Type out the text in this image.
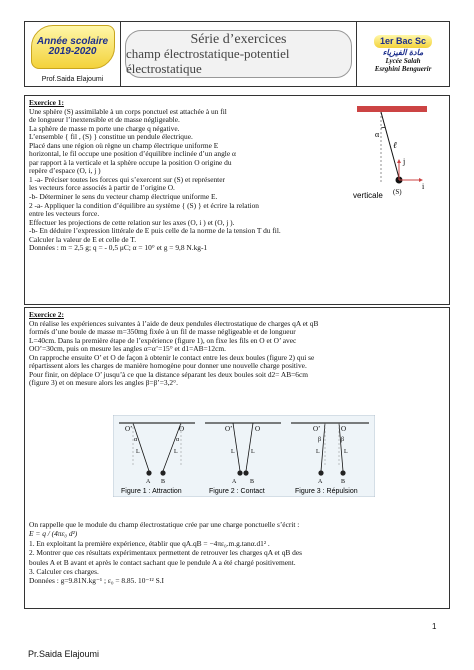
Année scolaire
2019-2020
Prof.Saida Elajoumi
Série d’exercices
champ électrostatique-potentiel électrostatique
1er Bac Sc
مادة الفيزياء
Lycée Salah
Esrghini Benguerir
Exercice 1:
Une sphère (S) assimilable à un corps ponctuel est attachée à un fil
de longueur l’inextensible et de masse négligeable.
La sphère de masse m porte une charge q négative.
L’ensemble { fil , (S) } constitue un pendule électrique.
Placé dans une région où règne un champ électrique uniforme E
horizontal, le fil occupe une position d’équilibre inclinée d’un angle α
par rapport à la verticale et la sphère occupe la position O origine du
repère d’espace (O, i, j )
1 -a- Préciser toutes les forces qui s’exercent sur (S) et représenter
les vecteurs force associés à partir de l’origine O.
-b- Déterminer le sens du vecteur champ électrique uniforme E.
2 -a- Appliquer la condition d’équilibre au système { (S) } et écrire la relation
entre les vecteurs force.
Effectuer les projections de cette relation sur les axes (O, i ) et (O, j ).
-b- En déduire l’expression littérale de E puis celle de la norme de la tension T du fil.
Calculer la valeur de E et celle de T.
Données : m = 2,5 g; q = - 0,5 μC; α = 10° et g = 9,8 N.kg-1
α
ℓ
i
j
(S)
verticale
Exercice 2:
On réalise les expériences suivantes à l’aide de deux pendules électrostatique de charges qA et qB
formés d’une boule de masse m=350mg fixée à un fil de masse négligeable et de longueur
L=40cm. Dans la première étape de l’expérience (figure 1), on fixe les fils en O et O’ avec
OO’=30cm, puis on mesure les angles α=α’=15° et d1=AB=12cm.
On rapproche ensuite O’ et O de façon à obtenir le contact entre les deux boules (figure 2) qui se
répartissent alors les charges de manière homogène pour donner une nouvelle charge positive.
Pour finir, on déplace O’ jusqu’à ce que la distance séparant les deux boules soit d2= AB=6cm
(figure 3) et on mesure alors les angles β=β’=3,2°.
O’	O
L	L
α	α
A B
Figure 1 : Attraction
O’	O
L	L
A B
Figure 2 : Contact
O’	O
L	L
β	β
A	B
Figure 3 : Répulsion
On rappelle que le module du champ électrostatique crée par une charge ponctuelle s’écrit :
E = q / (4πε₀ d²)
1. En exploitant la première expérience, établir que qA.qB = −4πε₀.m.g.tanα.d1² .
2. Montrer que ces résultats expérimentaux permettent de retrouver les charges qA et qB des
boules A et B avant et après le contact sachant que le pendule A a été chargé positivement.
3. Calculer ces charges.
Données : g=9.81N.kg⁻¹ ; ε₀ = 8.85. 10⁻¹² S.I
1
Pr.Saida Elajoumi
